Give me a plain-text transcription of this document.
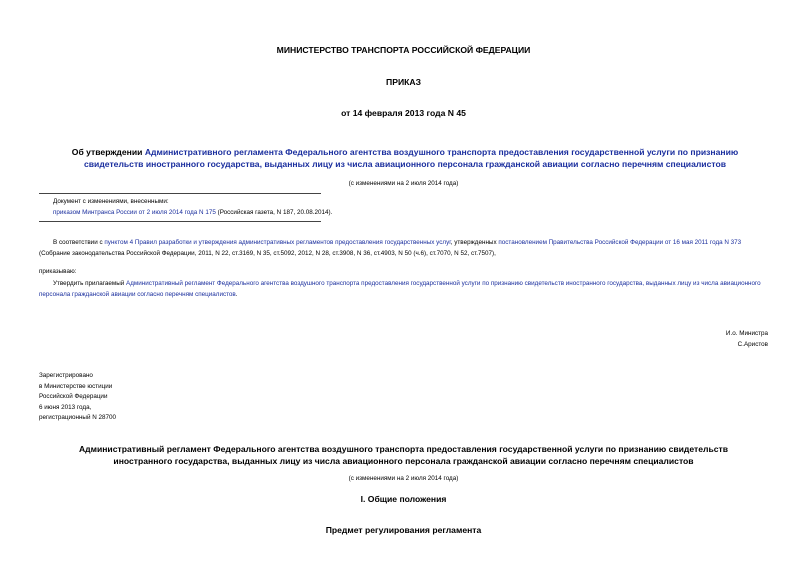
МИНИСТЕРСТВО ТРАНСПОРТА РОССИЙСКОЙ ФЕДЕРАЦИИ
ПРИКАЗ
от 14 февраля 2013 года N 45
Об утверждении Административного регламента Федерального агентства воздушного транспорта предоставления государственной услуги по признанию свидетельств иностранного государства, выданных лицу из числа авиационного персонала гражданской авиации согласно перечням специалистов
(с изменениями на 2 июля 2014 года)
Документ с изменениями, внесенными:
приказом Минтранса России от 2 июля 2014 года N 175 (Российская газета, N 187, 20.08.2014).
В соответствии с пунктом 4 Правил разработки и утверждения административных регламентов предоставления государственных услуг, утвержденных постановлением Правительства Российской Федерации от 16 мая 2011 года N 373 (Собрание законодательства Российской Федерации, 2011, N 22, ст.3169, N 35, ст.5092, 2012, N 28, ст.3908, N 36, ст.4903, N 50 (ч.6), ст.7070, N 52, ст.7507),
приказываю:
Утвердить прилагаемый Административный регламент Федерального агентства воздушного транспорта предоставления государственной услуги по признанию свидетельств иностранного государства, выданных лицу из числа авиационного персонала гражданской авиации согласно перечням специалистов.
И.о. Министра
С.Аристов
Зарегистрировано
в Министерстве юстиции
Российской Федерации
6 июня 2013 года,
регистрационный N 28700
Административный регламент Федерального агентства воздушного транспорта предоставления государственной услуги по признанию свидетельств иностранного государства, выданных лицу из числа авиационного персонала гражданской авиации согласно перечням специалистов
(с изменениями на 2 июля 2014 года)
I. Общие положения
Предмет регулирования регламента
